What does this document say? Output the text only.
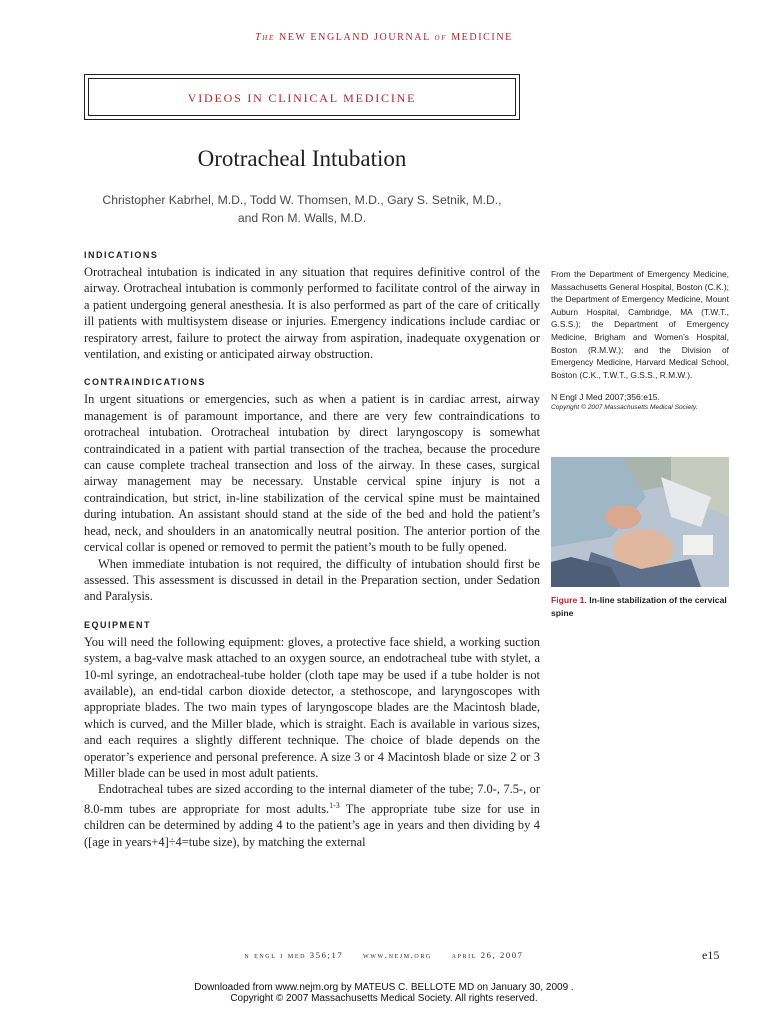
The NEW ENGLAND JOURNAL of MEDICINE
VIDEOS IN CLINICAL MEDICINE
Orotracheal Intubation
Christopher Kabrhel, M.D., Todd W. Thomsen, M.D., Gary S. Setnik, M.D.,
and Ron M. Walls, M.D.
INDICATIONS

Orotracheal intubation is indicated in any situation that requires definitive control of the airway. Orotracheal intubation is commonly performed to facilitate control of the airway in a patient undergoing general anesthesia. It is also performed as part of the care of critically ill patients with multisystem disease or injuries. Emergency indications include cardiac or respiratory arrest, failure to protect the airway from aspiration, inadequate oxygenation or ventilation, and existing or anticipated airway obstruction.

CONTRAINDICATIONS

In urgent situations or emergencies, such as when a patient is in cardiac arrest, airway management is of paramount importance, and there are very few contraindications to orotracheal intubation. Orotracheal intubation by direct laryngoscopy is somewhat contraindicated in a patient with partial transection of the trachea, because the procedure can cause complete tracheal transection and loss of the airway. In these cases, surgical airway management may be necessary. Unstable cervical spine injury is not a contraindication, but strict, in-line stabilization of the cervical spine must be maintained during intubation. An assistant should stand at the side of the bed and hold the patient’s head, neck, and shoulders in an anatomically neutral position. The anterior portion of the cervical collar is opened or removed to permit the patient’s mouth to be fully opened.

When immediate intubation is not required, the difficulty of intubation should first be assessed. This assessment is discussed in detail in the Preparation section, under Sedation and Paralysis.

EQUIPMENT

You will need the following equipment: gloves, a protective face shield, a working suction system, a bag-valve mask attached to an oxygen source, an endotracheal tube with stylet, a 10-ml syringe, an endotracheal-tube holder (cloth tape may be used if a tube holder is not available), an end-tidal carbon dioxide detector, a stethoscope, and laryngoscopes with appropriate blades. The two main types of laryngoscope blades are the Macintosh blade, which is curved, and the Miller blade, which is straight. Each is available in various sizes, and each requires a slightly different technique. The choice of blade depends on the operator’s experience and personal preference. A size 3 or 4 Macintosh blade or size 2 or 3 Miller blade can be used in most adult patients.

Endotracheal tubes are sized according to the internal diameter of the tube; 7.0-, 7.5-, or 8.0-mm tubes are appropriate for most adults.$^{1-3}$ The appropriate tube size for use in children can be determined by adding 4 to the patient’s age in years and then dividing by 4 ([age in years+4]÷4=tube size), by matching the external

From the Department of Emergency Medicine, Massachusetts General Hospital, Boston (C.K.); the Department of Emergency Medicine, Mount Auburn Hospital, Cambridge, MA (T.W.T., G.S.S.); the Department of Emergency Medicine, Brigham and Women’s Hospital, Boston (R.M.W.); and the Division of Emergency Medicine, Harvard Medical School, Boston (C.K., T.W.T., G.S.S., R.M.W.).

N Engl J Med 2007;356:e15.

Copyright © 2007 Massachusetts Medical Society.

Figure 1. In-line stabilization of the cervical spine
n engl j med 356;17 www.nejm.org april 26, 2007	e15
Downloaded from www.nejm.org by MATEUS C. BELLOTE MD on January 30, 2009 .
Copyright © 2007 Massachusetts Medical Society. All rights reserved.
